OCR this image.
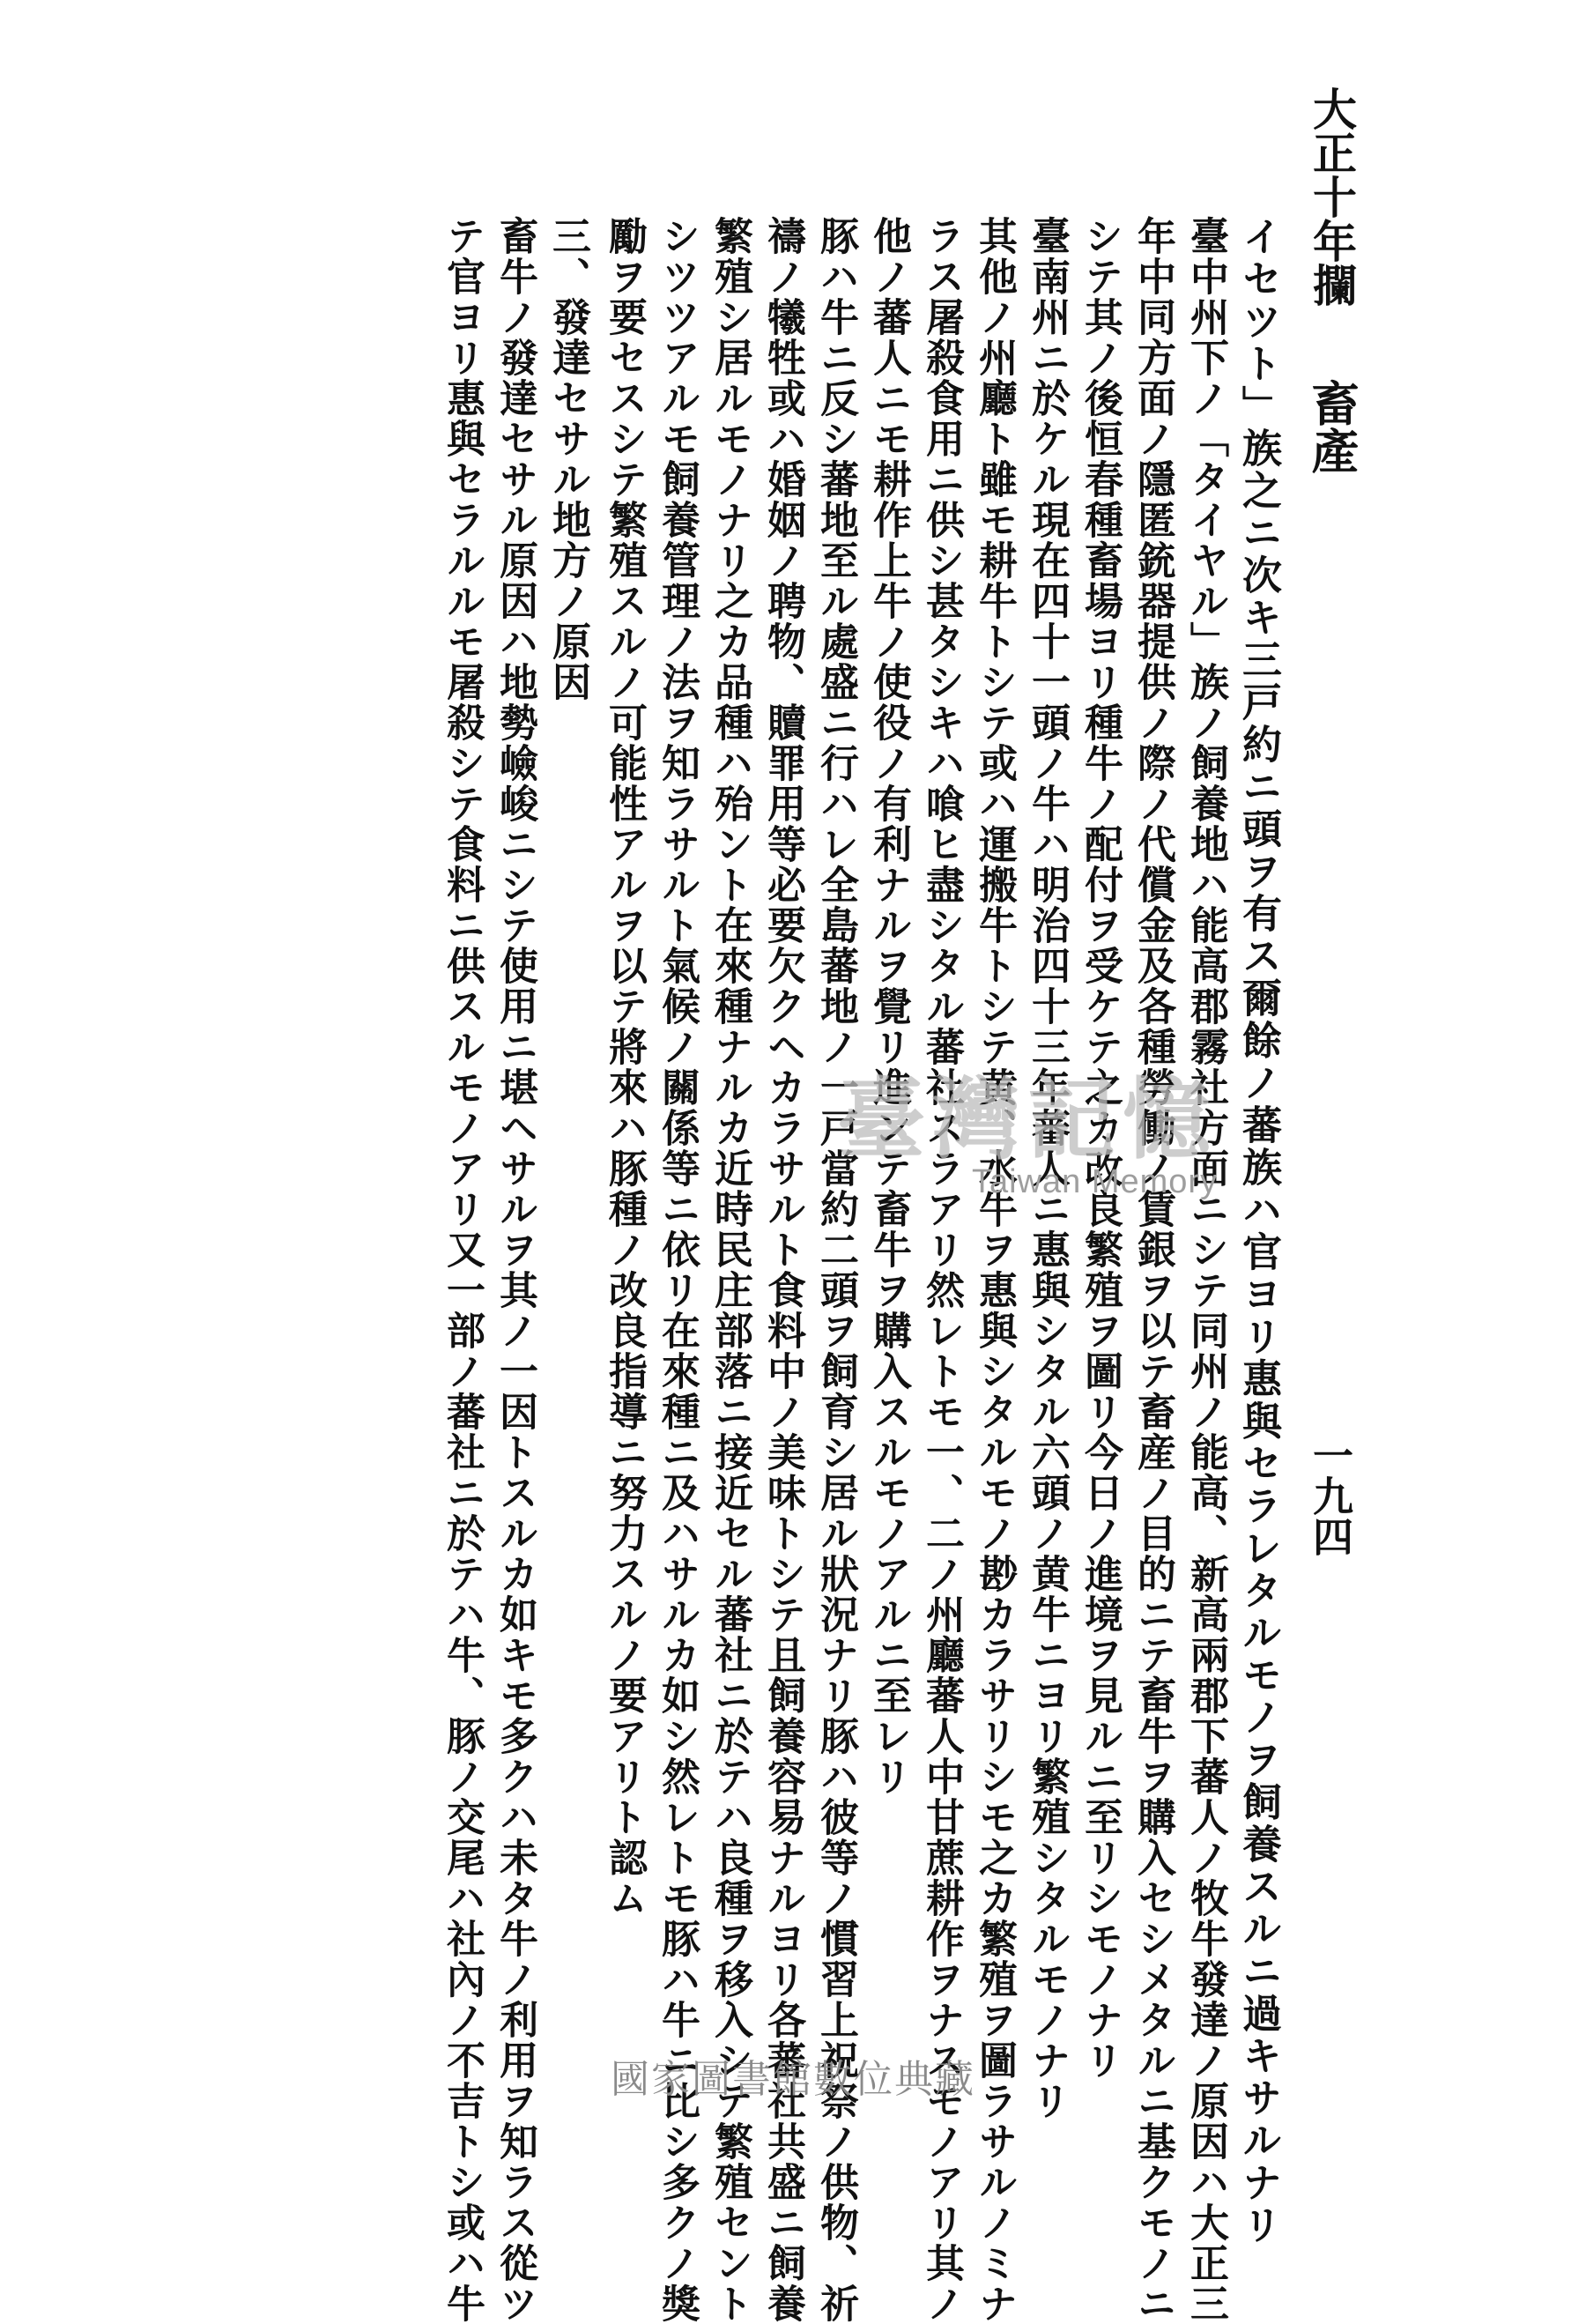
大正十年攔
畜產
一九四
イセツト」族之ニ次キ三戸約ニ頭ヲ有ス爾餘ノ蕃族ハ官ヨリ惠與セラレタルモノヲ飼養スルニ過キサルナリ
臺中州下ノ「タイヤル」族ノ飼養地ハ能高郡霧社方面ニシテ同州ノ能高、新高兩郡下蕃人ノ牧牛發達ノ原因ハ大正三
年中同方面ノ隱匿銃器提供ノ際ノ代償金及各種勞働ノ賃銀ヲ以テ畜産ノ目的ニテ畜牛ヲ購入セシメタルニ基クモノニ
シテ其ノ後恒春種畜場ヨリ種牛ノ配付ヲ受ケテ之カ改良繁殖ヲ圖リ今日ノ進境ヲ見ルニ至リシモノナリ
臺南州ニ於ケル現在四十一頭ノ牛ハ明治四十三年蕃人ニ惠與シタル六頭ノ黄牛ニヨリ繁殖シタルモノナリ
其他ノ州廳ト雖モ耕牛トシテ或ハ運搬牛トシテ黄、水牛ヲ惠與シタルモノ尠カラサリシモ之カ繁殖ヲ圖ラサルノミナ
ラス屠殺食用ニ供シ甚タシキハ喰ヒ盡シタル蕃社スラアリ然レトモ一、二ノ州廳蕃人中甘蔗耕作ヲナスモノアリ其ノ
他ノ蕃人ニモ耕作上牛ノ使役ノ有利ナルヲ覺リ進ンテ畜牛ヲ購入スルモノアルニ至レリ
豚ハ牛ニ反シ蕃地至ル處盛ニ行ハレ全島蕃地ノ一戸當約二頭ヲ飼育シ居ル狀況ナリ豚ハ彼等ノ慣習上祝祭ノ供物、祈
禱ノ犧牲或ハ婚姻ノ聘物、贖罪用等必要欠クヘカラサルト食料中ノ美味トシテ且飼養容易ナルヨリ各蕃社共盛ニ飼養
繁殖シ居ルモノナリ之カ品種ハ殆ント在來種ナルカ近時民庄部落ニ接近セル蕃社ニ於テハ良種ヲ移入シテ繁殖セント
シツツアルモ飼養管理ノ法ヲ知ラサルト氣候ノ關係等ニ依リ在來種ニ及ハサルカ如シ然レトモ豚ハ牛ニ比シ多クノ獎
勵ヲ要セスシテ繁殖スルノ可能性アルヲ以テ將來ハ豚種ノ改良指導ニ努力スルノ要アリト認ム
三、發達セサル地方ノ原因
畜牛ノ發達セサル原因ハ地勢嶮峻ニシテ使用ニ堪ヘサルヲ其ノ一因トスルカ如キモ多クハ未タ牛ノ利用ヲ知ラス從ツ
テ官ヨリ惠與セラルルモ屠殺シテ食料ニ供スルモノアリ又一部ノ蕃社ニ於テハ牛、豚ノ交尾ハ社內ノ不吉トシ或ハ牛	臺灣記憶
Taiwan Memory
國家圖書館數位典藏
